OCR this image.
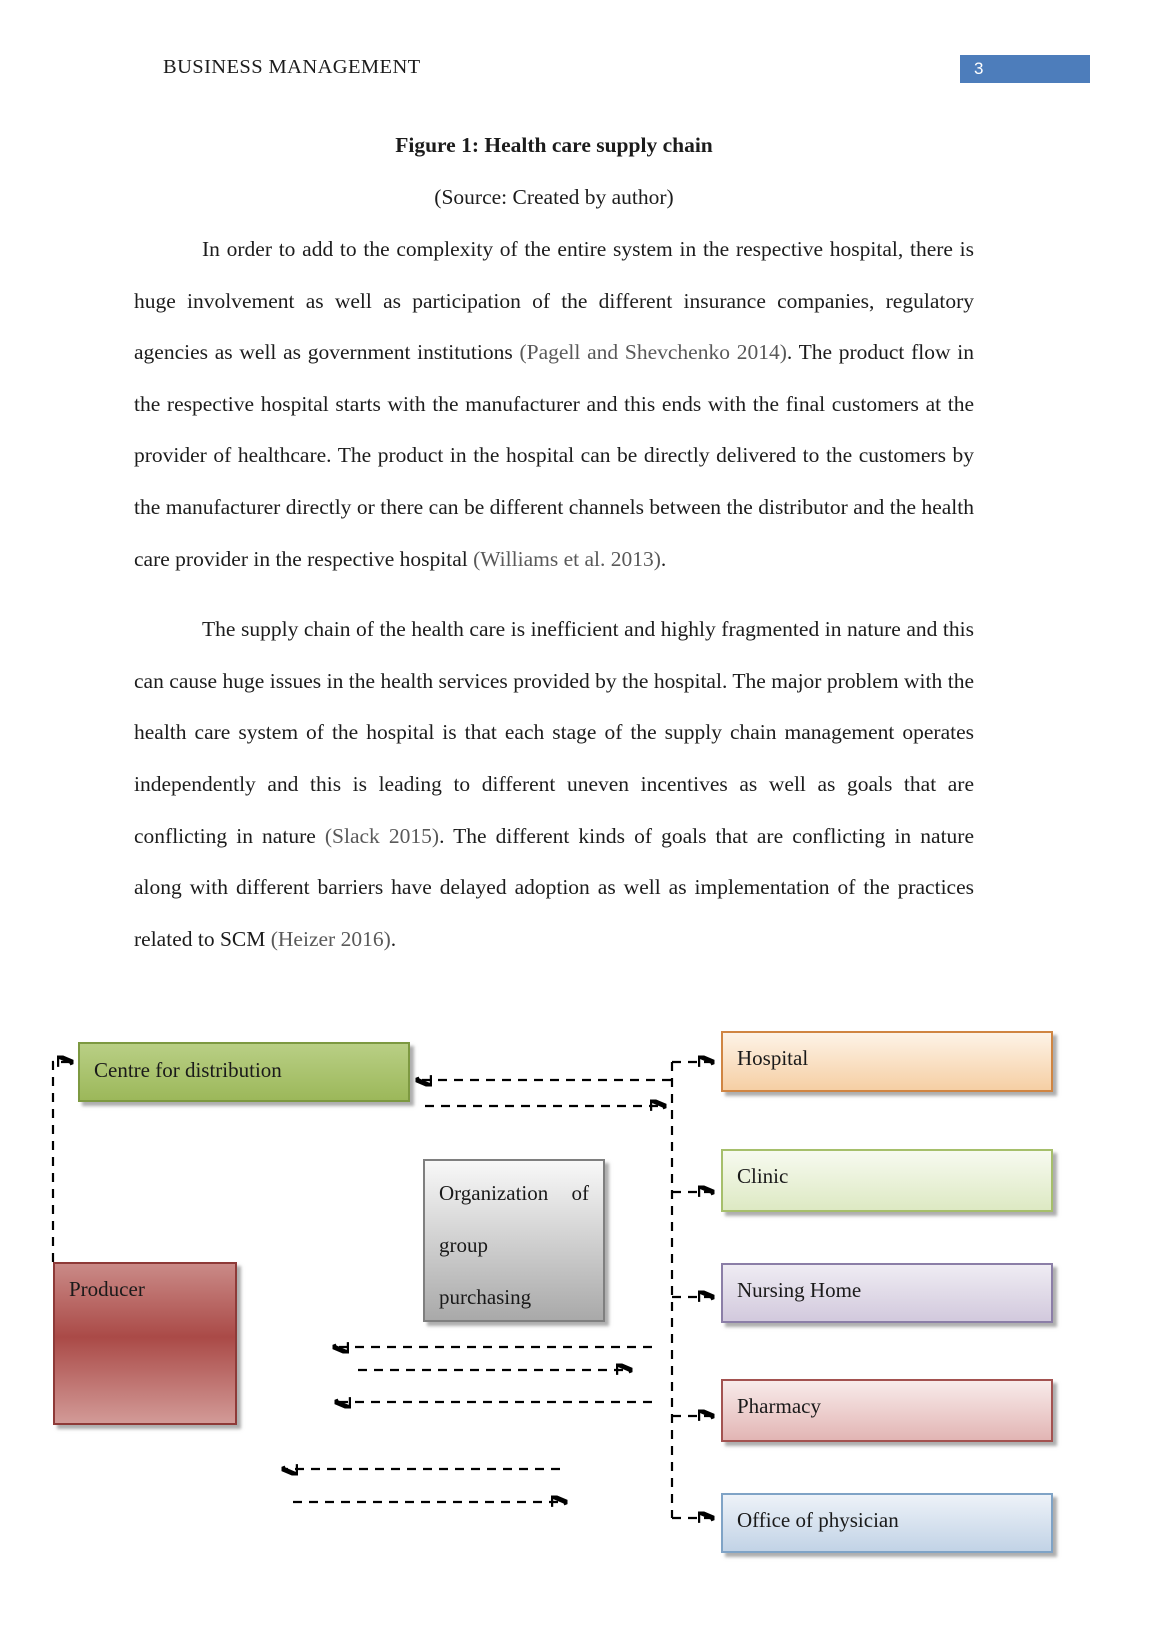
BUSINESS MANAGEMENT	3

Figure 1: Health care supply chain

(Source: Created by author)

In order to add to the complexity of the entire system in the respective hospital, there is huge involvement as well as participation of the different insurance companies, regulatory agencies as well as government institutions (Pagell and Shevchenko 2014). The product flow in the respective hospital starts with the manufacturer and this ends with the final customers at the provider of healthcare. The product in the hospital can be directly delivered to the customers by the manufacturer directly or there can be different channels between the distributor and the health care provider in the respective hospital (Williams et al. 2013).

The supply chain of the health care is inefficient and highly fragmented in nature and this can cause huge issues in the health services provided by the hospital. The major problem with the health care system of the hospital is that each stage of the supply chain management operates independently and this is leading to different uneven incentives as well as goals that are conflicting in nature (Slack 2015). The different kinds of goals that are conflicting in nature along with different barriers have delayed adoption as well as implementation of the practices related to SCM (Heizer 2016).

Centre for distribution	Hospital
Clinic
Organization of
group
purchasing
Producer	Nursing Home
Pharmacy
Office of physician
